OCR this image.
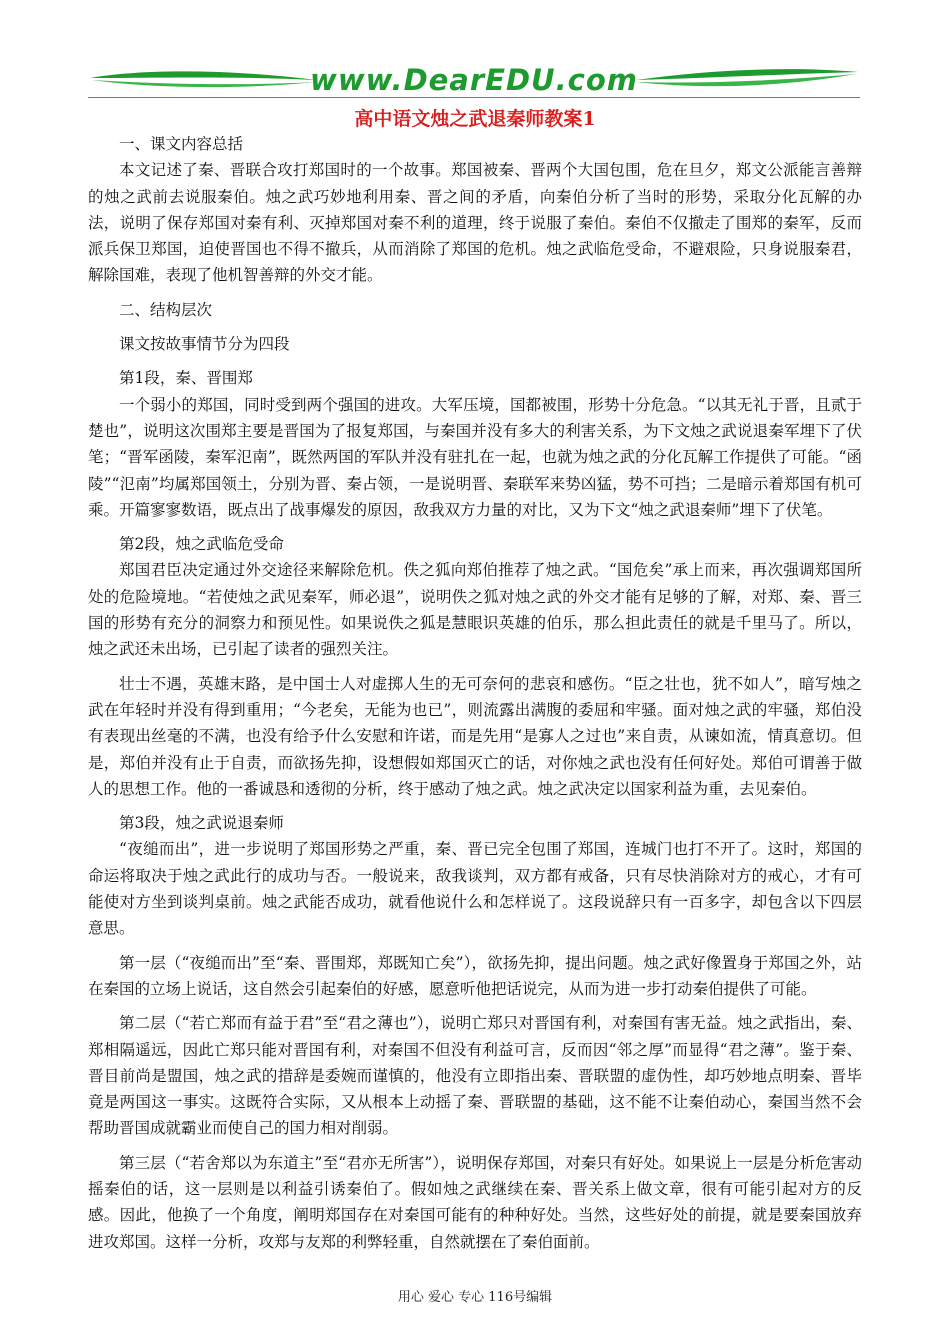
www.DearEDU.com
高中语文烛之武退秦师教案1

一、课文内容总括

本文记述了秦、晋联合攻打郑国时的一个故事。郑国被秦、晋两个大国包围，危在旦夕，郑文公派能言善辩的烛之武前去说服秦伯。烛之武巧妙地利用秦、晋之间的矛盾，向秦伯分析了当时的形势，采取分化瓦解的办法，说明了保存郑国对秦有利、灭掉郑国对秦不利的道理，终于说服了秦伯。秦伯不仅撤走了围郑的秦军，反而派兵保卫郑国，迫使晋国也不得不撤兵，从而消除了郑国的危机。烛之武临危受命，不避艰险，只身说服秦君，解除国难，表现了他机智善辩的外交才能。

二、结构层次

课文按故事情节分为四段

第1段，秦、晋围郑

一个弱小的郑国，同时受到两个强国的进攻。大军压境，国都被围，形势十分危急。“以其无礼于晋，且贰于楚也”，说明这次围郑主要是晋国为了报复郑国，与秦国并没有多大的利害关系，为下文烛之武说退秦军埋下了伏笔；“晋军函陵，秦军氾南”，既然两国的军队并没有驻扎在一起，也就为烛之武的分化瓦解工作提供了可能。“函陵”“氾南”均属郑国领土，分别为晋、秦占领，一是说明晋、秦联军来势凶猛，势不可挡；二是暗示着郑国有机可乘。开篇寥寥数语，既点出了战事爆发的原因，敌我双方力量的对比，又为下文“烛之武退秦师”埋下了伏笔。

第2段，烛之武临危受命

郑国君臣决定通过外交途径来解除危机。佚之狐向郑伯推荐了烛之武。“国危矣”承上而来，再次强调郑国所处的危险境地。“若使烛之武见秦军，师必退”，说明佚之狐对烛之武的外交才能有足够的了解，对郑、秦、晋三国的形势有充分的洞察力和预见性。如果说佚之狐是慧眼识英雄的伯乐，那么担此责任的就是千里马了。所以，烛之武还未出场，已引起了读者的强烈关注。

壮士不遇，英雄末路，是中国士人对虚掷人生的无可奈何的悲哀和感伤。“臣之壮也，犹不如人”，暗写烛之武在年轻时并没有得到重用；“今老矣，无能为也已”，则流露出满腹的委屈和牢骚。面对烛之武的牢骚，郑伯没有表现出丝毫的不满，也没有给予什么安慰和许诺，而是先用“是寡人之过也”来自责，从谏如流，情真意切。但是，郑伯并没有止于自责，而欲扬先抑，设想假如郑国灭亡的话，对你烛之武也没有任何好处。郑伯可谓善于做人的思想工作。他的一番诚恳和透彻的分析，终于感动了烛之武。烛之武决定以国家利益为重，去见秦伯。

第3段，烛之武说退秦师

“夜缒而出”，进一步说明了郑国形势之严重，秦、晋已完全包围了郑国，连城门也打不开了。这时，郑国的命运将取决于烛之武此行的成功与否。一般说来，敌我谈判，双方都有戒备，只有尽快消除对方的戒心，才有可能使对方坐到谈判桌前。烛之武能否成功，就看他说什么和怎样说了。这段说辞只有一百多字，却包含以下四层意思。

第一层（“夜缒而出”至“秦、晋围郑，郑既知亡矣”），欲扬先抑，提出问题。烛之武好像置身于郑国之外，站在秦国的立场上说话，这自然会引起秦伯的好感，愿意听他把话说完，从而为进一步打动秦伯提供了可能。

第二层（“若亡郑而有益于君”至“君之薄也”），说明亡郑只对晋国有利，对秦国有害无益。烛之武指出，秦、郑相隔遥远，因此亡郑只能对晋国有利，对秦国不但没有利益可言，反而因“邻之厚”而显得“君之薄”。鉴于秦、晋目前尚是盟国，烛之武的措辞是委婉而谨慎的，他没有立即指出秦、晋联盟的虚伪性，却巧妙地点明秦、晋毕竟是两国这一事实。这既符合实际，又从根本上动摇了秦、晋联盟的基础，这不能不让秦伯动心，秦国当然不会帮助晋国成就霸业而使自己的国力相对削弱。

第三层（“若舍郑以为东道主”至“君亦无所害”），说明保存郑国，对秦只有好处。如果说上一层是分析危害动摇秦伯的话，这一层则是以利益引诱秦伯了。假如烛之武继续在秦、晋关系上做文章，很有可能引起对方的反感。因此，他换了一个角度，阐明郑国存在对秦国可能有的种种好处。当然，这些好处的前提，就是要秦国放弃进攻郑国。这样一分析，攻郑与友郑的利弊轻重，自然就摆在了秦伯面前。

用心 爱心 专心 116号编辑
